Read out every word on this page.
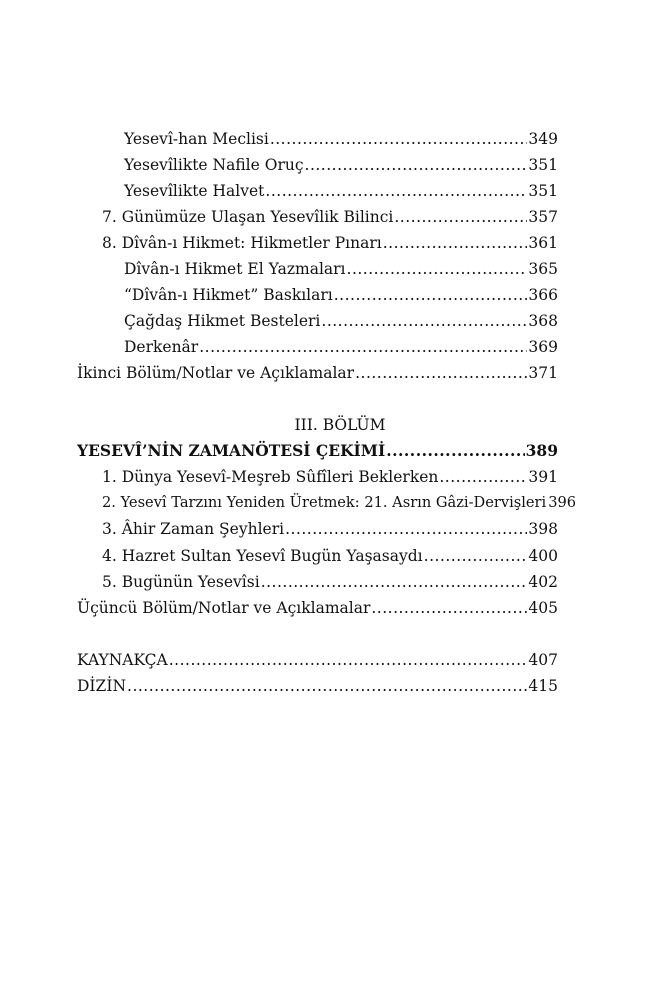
Yesevî-han Meclisi .....	349
Yesevîlikte Nafile Oruç .....	351
Yesevîlikte Halvet .....	351
7. Günümüze Ulaşan Yesevîlik Bilinci .....	357
8. Dîvân-ı Hikmet: Hikmetler Pınarı .....	361
Dîvân-ı Hikmet El Yazmaları .....	365
“Dîvân-ı Hikmet” Baskıları .....	366
Çağdaş Hikmet Besteleri .....	368
Derkenâr .....	369
İkinci Bölüm/Notlar ve Açıklamalar .....	371
III. BÖLÜM
YESEVÎ’NİN ZAMANÖTESİ ÇEKİMİ .....	389
1. Dünya Yesevî-Meşreb Sûfîleri Beklerken .....	391
2. Yesevî Tarzını Yeniden Üretmek: 21. Asrın Gâzi-Dervişleri 396
3. Âhir Zaman Şeyhleri .....	398
4. Hazret Sultan Yesevî Bugün Yaşasaydı .....	400
5. Bugünün Yesevîsi .....	402
Üçüncü Bölüm/Notlar ve Açıklamalar .....	405
KAYNAKÇA .....	407
DİZİN .....	415
